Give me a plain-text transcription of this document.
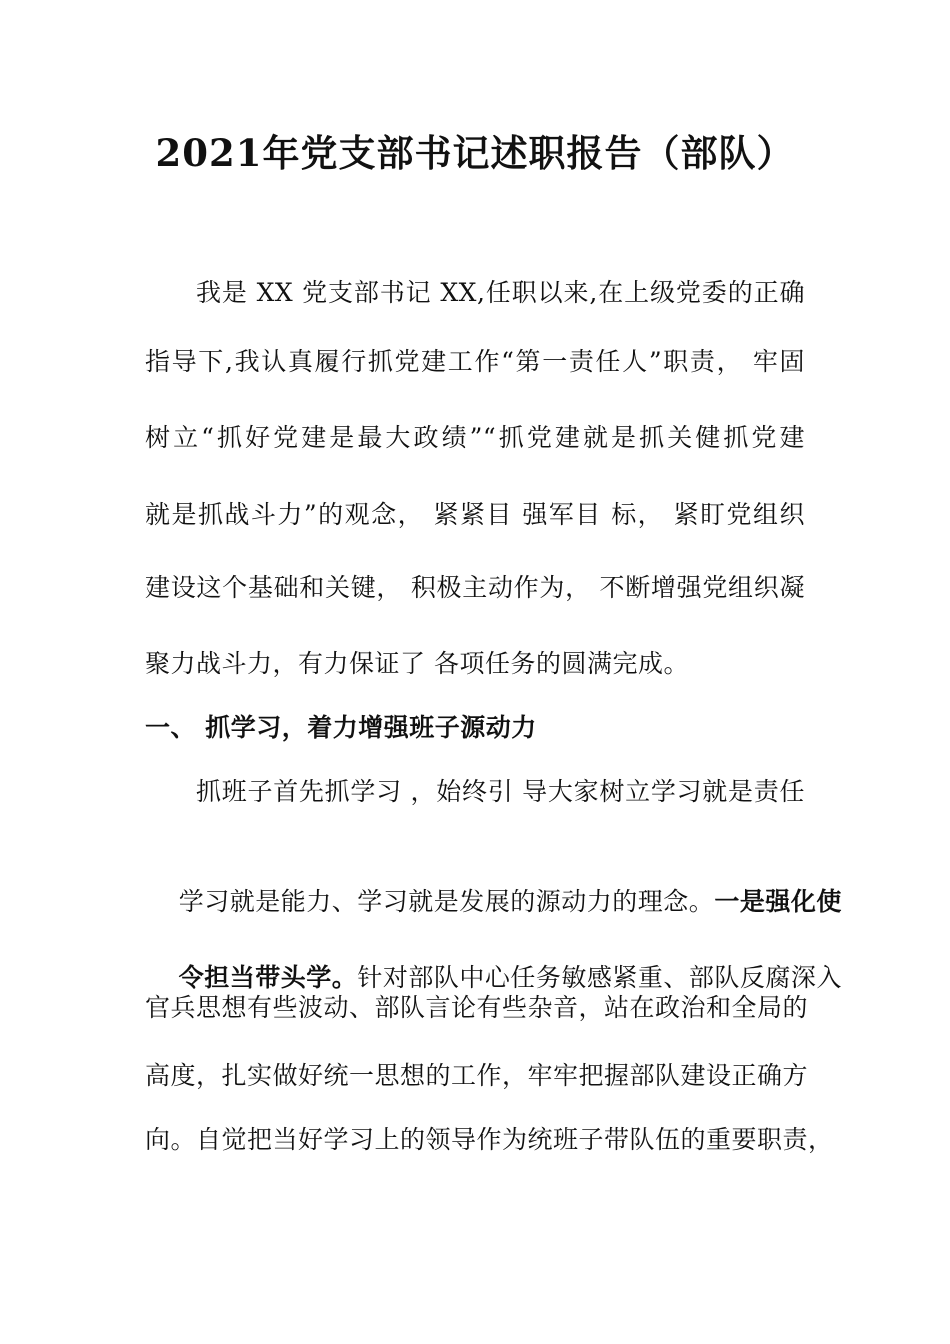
2021年党支部书记述职报告（部队）
我是 XX 党支部书记 XX,任职以来,在上级党委的正确
指导下,我认真履行抓党建工作“第一责任人”职责， 牢固
树立“抓好党建是最大政绩”“抓党建就是抓关健抓党建
就是抓战斗力”的观念， 紧紧目 强军目 标， 紧盯党组织
建设这个基础和关键， 积极主动作为， 不断增强党组织凝
聚力战斗力，有力保证了 各项任务的圆满完成。
一、 抓学习，着力增强班子源动力
抓班子首先抓学习 ，始终引 导大家树立学习就是责任

学习就是能力、学习就是发展的源动力的理念。一是强化使

令担当带头学。针对部队中心任务敏感紧重、部队反腐深入

官兵思想有些波动、部队言论有些杂音，站在政治和全局的
高度，扎实做好统一思想的工作，牢牢把握部队建设正确方
向。自觉把当好学习上的领导作为统班子带队伍的重要职责，
